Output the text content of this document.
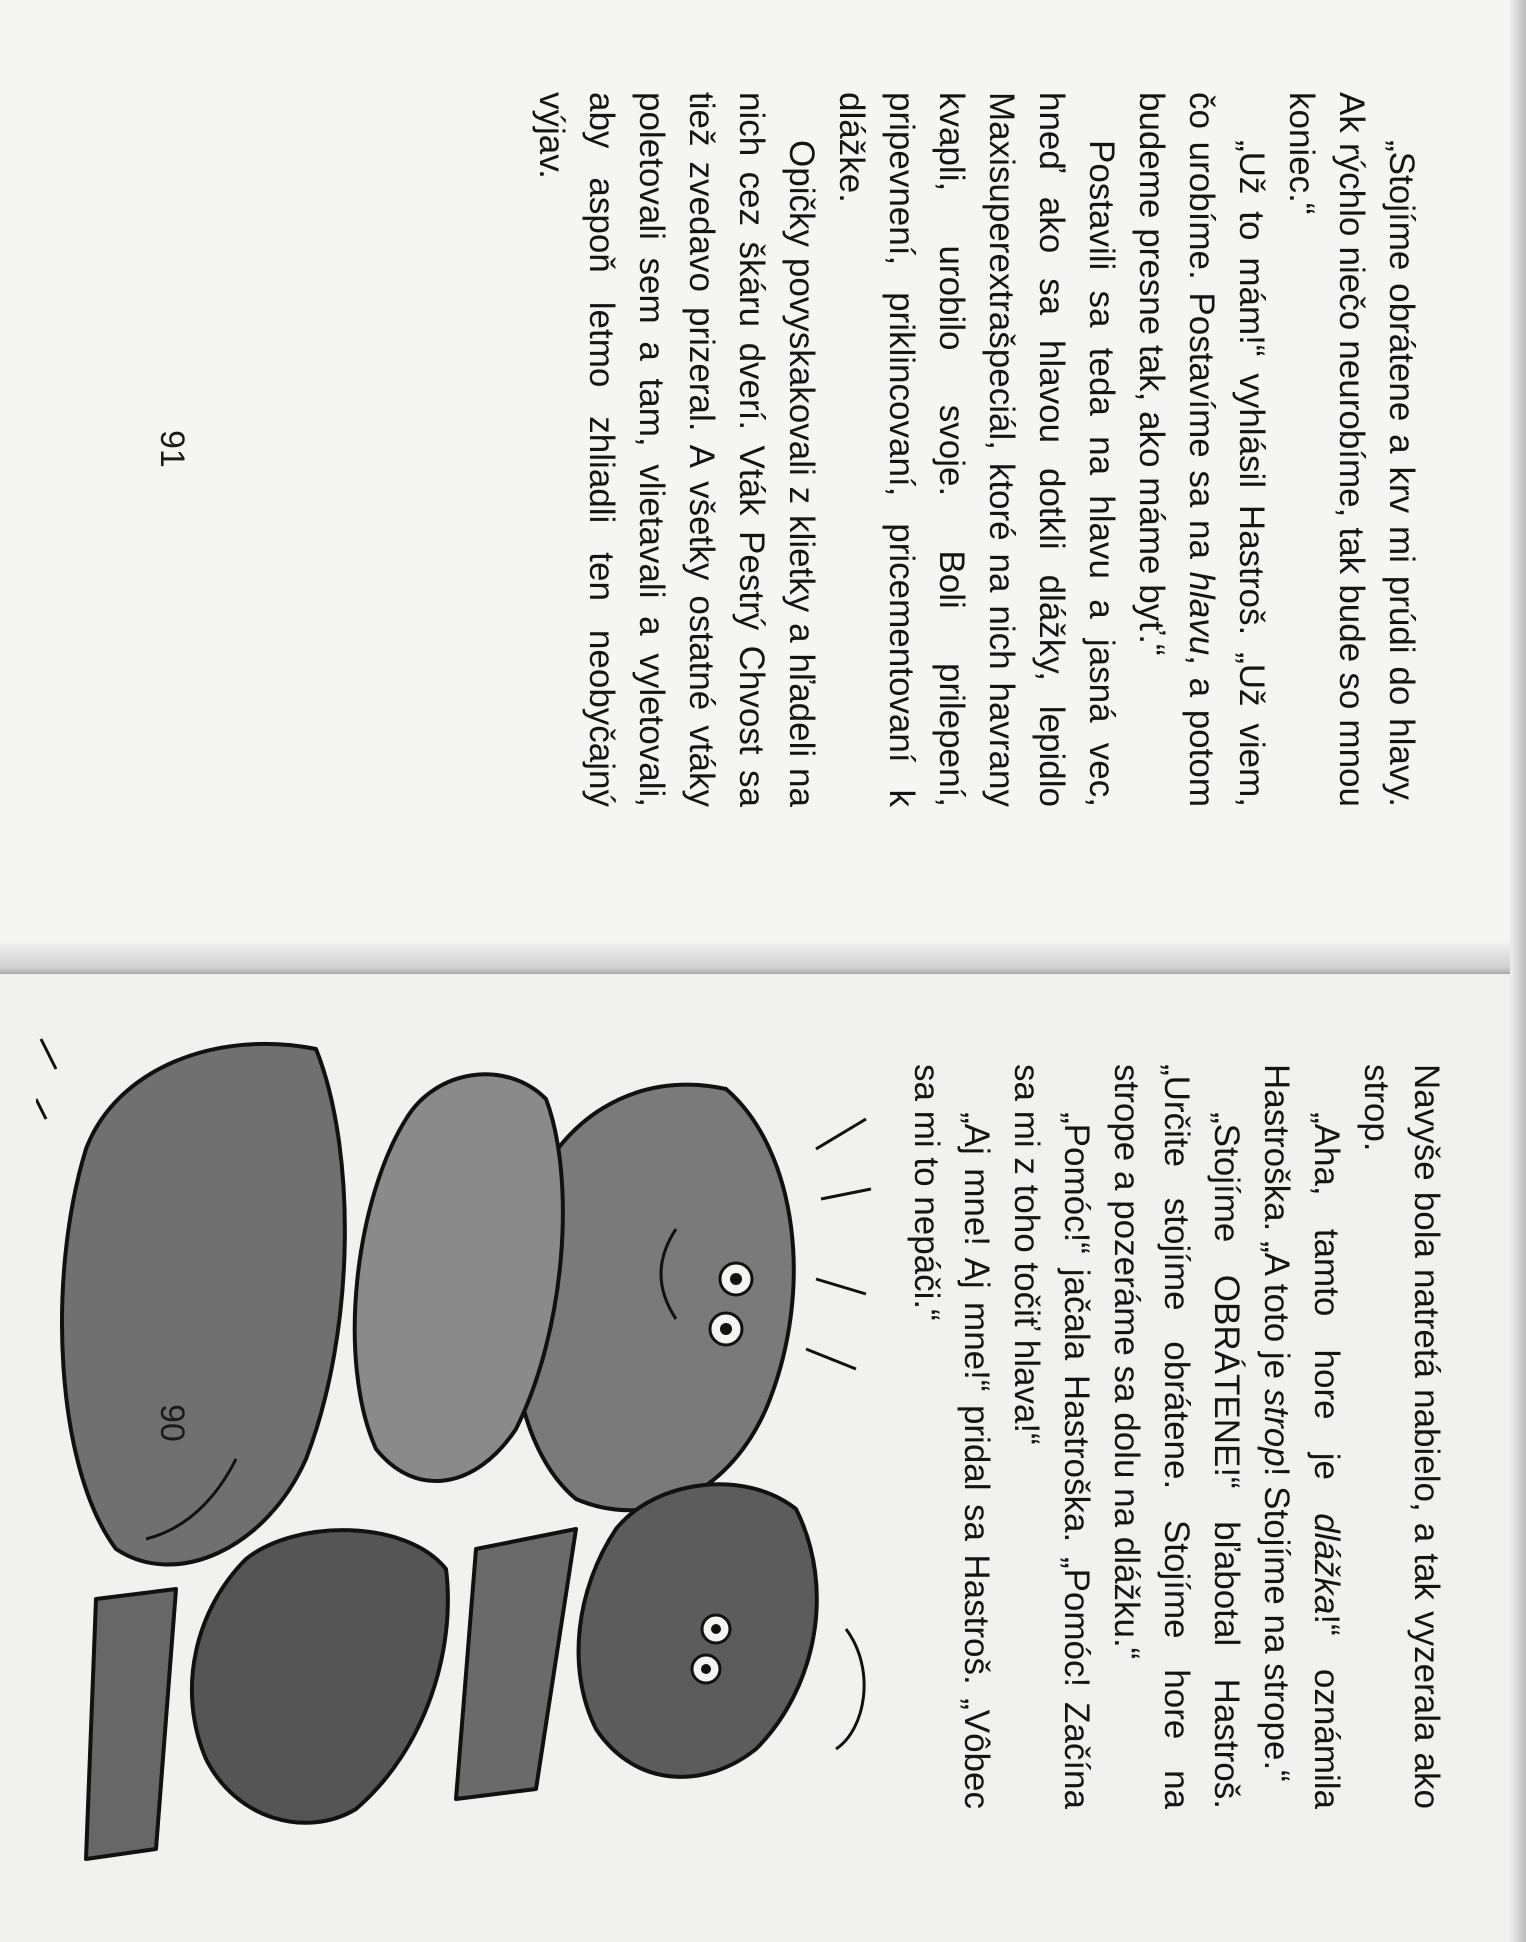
„Stojíme obrátene a krv mi prúdi do hlavy. Ak rýchlo niečo neurobíme, tak bude so mnou koniec.“

„Už to mám!“ vyhlásil Hastroš. „Už viem, čo urobíme. Postavíme sa na hlavu, a potom budeme presne tak, ako máme byť.“

Postavili sa teda na hlavu a jasná vec, hneď ako sa hlavou dotkli dlážky, lepidlo Maxisuperextrašpeciál, ktoré na nich havrany kvapli, urobilo svoje. Boli prilepení, pripevnení, priklincovaní, pricementovaní k dlážke.

Opičky povyskakovali z klietky a hľadeli na nich cez škáru dverí. Vták Pestrý Chvost sa tiež zvedavo prizeral. A všetky ostatné vtáky poletovali sem a tam, vlietavali a vyletovali, aby aspoň letmo zhliadli ten neobyčajný výjav.

91

Navyše bola natretá nabielo, a tak vyzerala ako strop.

„Aha, tamto hore je dlážka!“ oznámila Hastroška. „A toto je strop! Stojíme na strope.“

„Stojíme OBRÁTENE!“ bľabotal Hastroš. „Určite stojíme obrátene. Stojíme hore na strope a pozeráme sa dolu na dlážku.“

„Pomóc!“ jačala Hastroška. „Pomóc! Začína sa mi z toho točiť hlava!“

„Aj mne! Aj mne!“ pridal sa Hastroš. „Vôbec sa mi to nepáči.“

90
